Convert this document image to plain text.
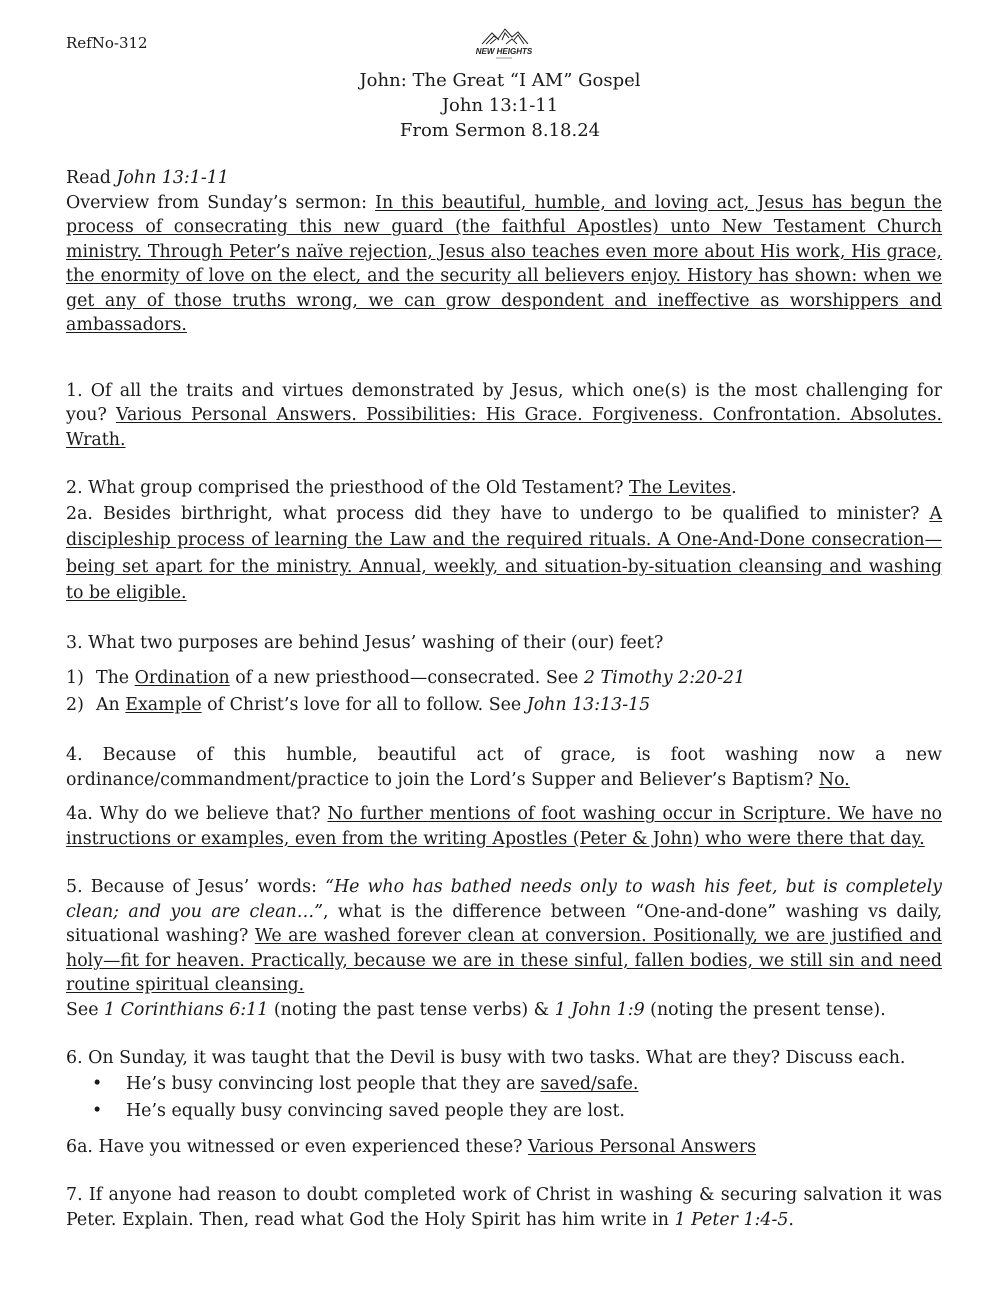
RefNo-312	NEW HEIGHTS
John: The Great “I AM” Gospel
John 13:1-11
From Sermon 8.18.24

Read John 13:1-11

Overview from Sunday’s sermon: In this beautiful, humble, and loving act, Jesus has begun the process of consecrating this new guard (the faithful Apostles) unto New Testament Church ministry. Through Peter’s naïve rejection, Jesus also teaches even more about His work, His grace, the enormity of love on the elect, and the security all believers enjoy. History has shown: when we get any of those truths wrong, we can grow despondent and ineffective as worshippers and ambassadors.

1. Of all the traits and virtues demonstrated by Jesus, which one(s) is the most challenging for you? Various Personal Answers. Possibilities: His Grace. Forgiveness. Confrontation. Absolutes. Wrath.

2. What group comprised the priesthood of the Old Testament? The Levites.

2a. Besides birthright, what process did they have to undergo to be qualified to minister? A discipleship process of learning the Law and the required rituals. A One-And-Done consecration—being set apart for the ministry. Annual, weekly, and situation-by-situation cleansing and washing to be eligible.

3. What two purposes are behind Jesus’ washing of their (our) feet?

1) The Ordination of a new priesthood—consecrated. See 2 Timothy 2:20-21

2) An Example of Christ’s love for all to follow. See John 13:13-15

4. Because of this humble, beautiful act of grace, is foot washing now a new ordinance/commandment/practice to join the Lord’s Supper and Believer’s Baptism? No.

4a. Why do we believe that? No further mentions of foot washing occur in Scripture. We have no instructions or examples, even from the writing Apostles (Peter & John) who were there that day.

5. Because of Jesus’ words: “He who has bathed needs only to wash his feet, but is completely clean; and you are clean…”, what is the difference between “One-and-done” washing vs daily, situational washing? We are washed forever clean at conversion. Positionally, we are justified and holy—fit for heaven. Practically, because we are in these sinful, fallen bodies, we still sin and need routine spiritual cleansing.

See 1 Corinthians 6:11 (noting the past tense verbs) & 1 John 1:9 (noting the present tense).

6. On Sunday, it was taught that the Devil is busy with two tasks. What are they? Discuss each.

• He’s busy convincing lost people that they are saved/safe.

• He’s equally busy convincing saved people they are lost.

6a. Have you witnessed or even experienced these? Various Personal Answers

7. If anyone had reason to doubt completed work of Christ in washing & securing salvation it was Peter. Explain. Then, read what God the Holy Spirit has him write in 1 Peter 1:4-5.
